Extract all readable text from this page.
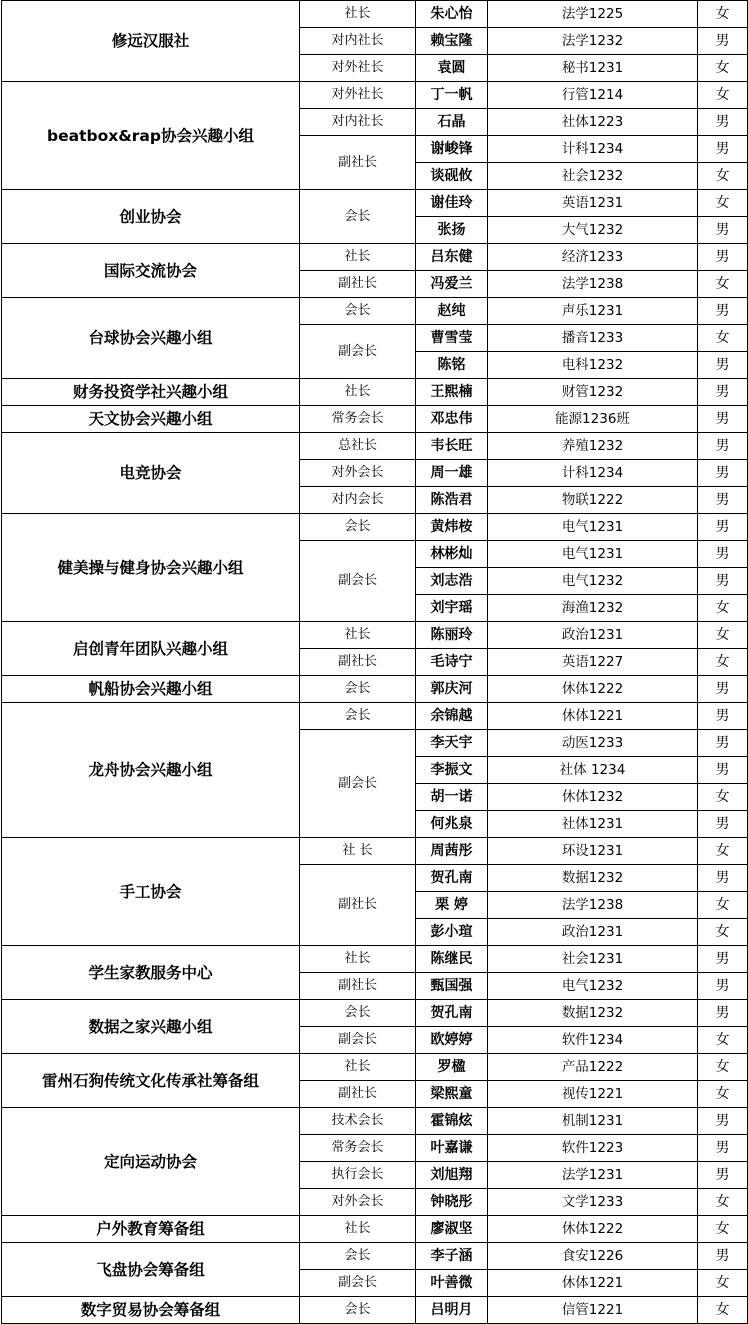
修远汉服社	社长	朱心怡	法学1225	女
	对内社长	赖宝隆	法学1232	男
	对外社长	袁圆	秘书1231	女
beatbox&rap协会兴趣小组	对外社长	丁一帆	行管1214	女
	对内社长	石晶	社体1223	男
	副社长	谢峻锋	计科1234	男
		谈砚攸	社会1232	女
创业协会	会长	谢佳玲	英语1231	女
		张扬	大气1232	男
国际交流协会	社长	吕东健	经济1233	男
	副社长	冯爱兰	法学1238	女
台球协会兴趣小组	会长	赵纯	声乐1231	男
	副会长	曹雪莹	播音1233	女
		陈铭	电科1232	男
财务投资学社兴趣小组	社长	王熙楠	财管1232	男
天文协会兴趣小组	常务会长	邓忠伟	能源1236班	男
电竞协会	总社长	韦长旺	养殖1232	男
	对外会长	周一雄	计科1234	男
	对内会长	陈浩君	物联1222	男
健美操与健身协会兴趣小组	会长	黄炜桉	电气1231	男
	副会长	林彬灿	电气1231	男
		刘志浩	电气1232	男
		刘宇瑶	海渔1232	女
启创青年团队兴趣小组	社长	陈丽玲	政治1231	女
	副社长	毛诗宁	英语1227	女
帆船协会兴趣小组	会长	郭庆河	休体1222	男
龙舟协会兴趣小组	会长	余锦越	休体1221	男
	副会长	李天宇	动医1233	男
		李振文	社体 1234	男
		胡一诺	休体1232	女
		何兆泉	社体1231	男
手工协会	社 长	周茜彤	环设1231	女
	副社长	贺孔南	数据1232	男
		栗 婷	法学1238	女
		彭小瑄	政治1231	女
学生家教服务中心	社长	陈继民	社会1231	男
	副社长	甄国强	电气1232	男
数据之家兴趣小组	会长	贺孔南	数据1232	男
	副会长	欧婷婷	软件1234	女
雷州石狗传统文化传承社筹备组	社长	罗楹	产品1222	女
	副社长	梁熙童	视传1221	女
定向运动协会	技术会长	霍锦炫	机制1231	男
	常务会长	叶嘉谦	软件1223	男
	执行会长	刘旭翔	法学1231	男
	对外会长	钟晓彤	文学1233	女
户外教育筹备组	社长	廖淑坚	休体1222	女
飞盘协会筹备组	会长	李子涵	食安1226	男
	副会长	叶善微	休体1221	女
数字贸易协会筹备组	会长	吕明月	信管1221	女
